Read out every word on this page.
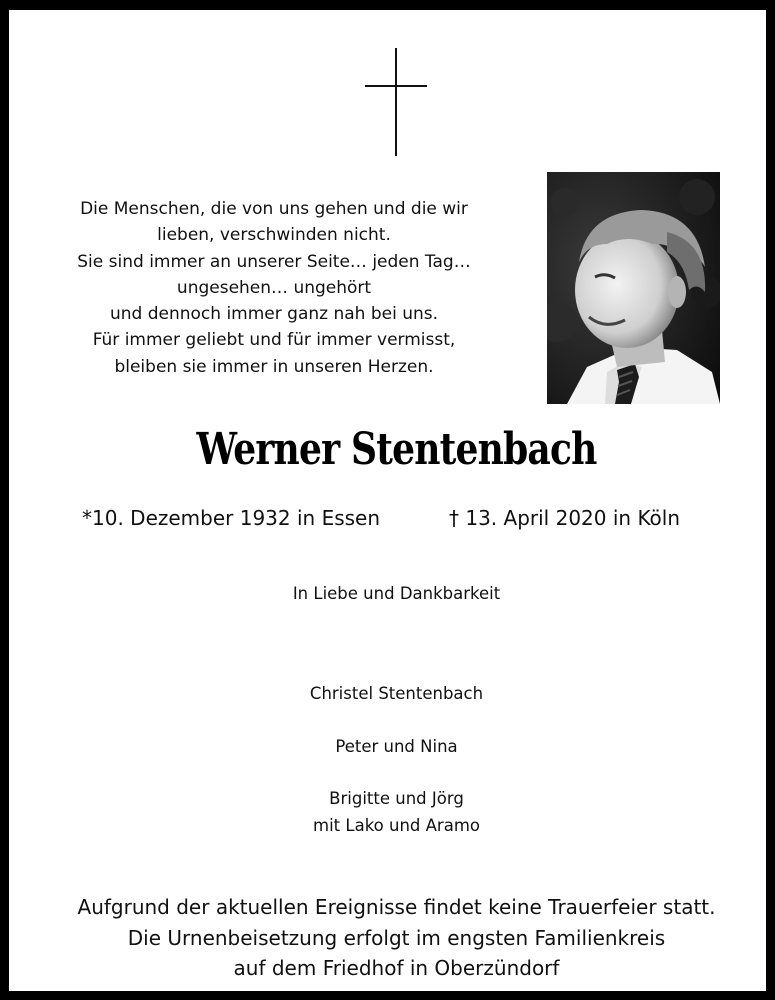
Die Menschen, die von uns gehen und die wir
lieben, verschwinden nicht.
Sie sind immer an unserer Seite… jeden Tag…
ungesehen… ungehört
und dennoch immer ganz nah bei uns.
Für immer geliebt und für immer vermisst,
bleiben sie immer in unseren Herzen.
Werner Stentenbach
*10. Dezember 1932 in Essen	† 13. April 2020 in Köln
In Liebe und Dankbarkeit
Christel Stentenbach
Peter und Nina
Brigitte und Jörg
mit Lako und Aramo
Aufgrund der aktuellen Ereignisse findet keine Trauerfeier statt.
Die Urnenbeisetzung erfolgt im engsten Familienkreis
auf dem Friedhof in Oberzündorf
